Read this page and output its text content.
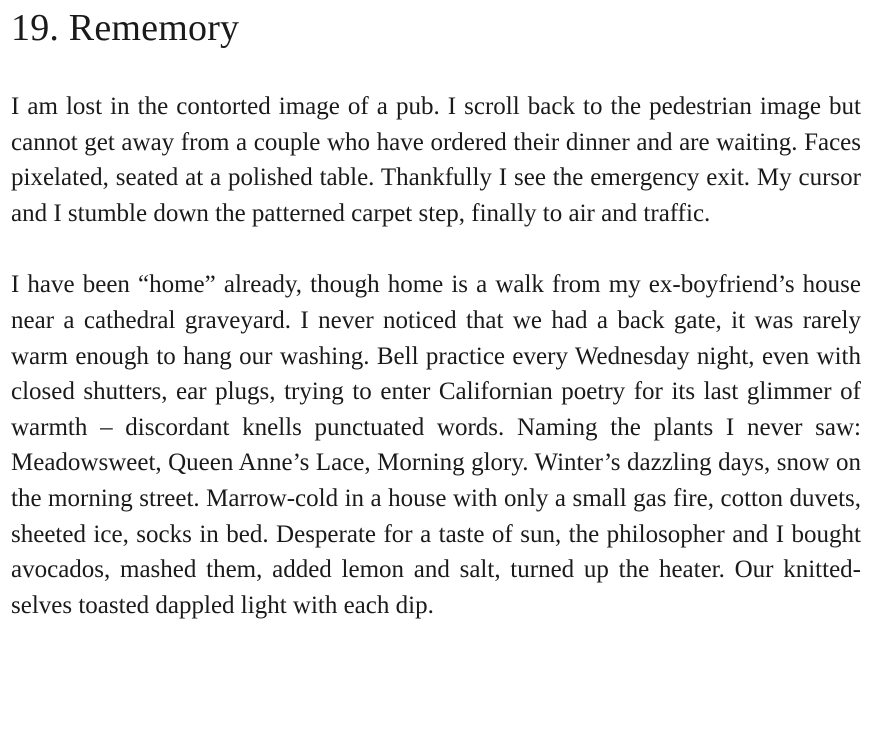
19. Rememory

I am lost in the contorted image of a pub. I scroll back to the pedestrian image but cannot get away from a couple who have ordered their dinner and are waiting. Faces pixelated, seated at a polished table. Thankfully I see the emergency exit. My cursor and I stumble down the patterned carpet step, finally to air and traffic.

I have been “home” already, though home is a walk from my ex-boyfriend’s house near a cathedral graveyard. I never noticed that we had a back gate, it was rarely warm enough to hang our washing. Bell practice every Wednesday night, even with closed shutters, ear plugs, trying to enter Californian poetry for its last glimmer of warmth – discordant knells punctuated words. Naming the plants I never saw: Meadowsweet, Queen Anne’s Lace, Morning glory. Winter’s dazzling days, snow on the morning street. Marrow-cold in a house with only a small gas fire, cotton duvets, sheeted ice, socks in bed. Desperate for a taste of sun, the philosopher and I bought avocados, mashed them, added lemon and salt, turned up the heater. Our knitted-selves toasted dappled light with each dip.
